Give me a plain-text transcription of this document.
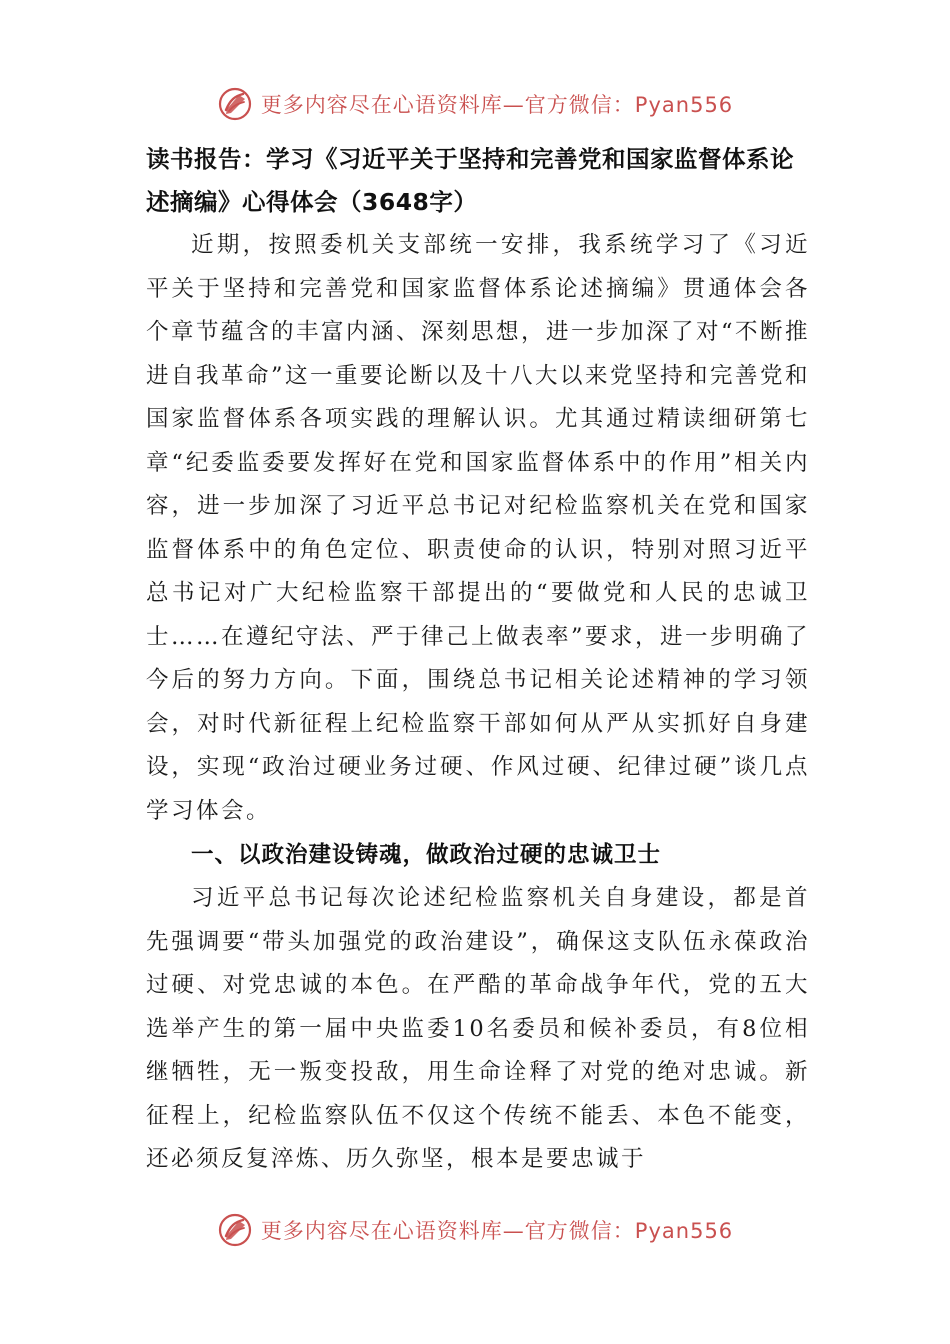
更多内容尽在心语资料库—官方微信：Pyan556
读书报告：学习《习近平关于坚持和完善党和国家监督体系论述摘编》心得体会（3648字）

近期，按照委机关支部统一安排，我系统学习了《习近平关于坚持和完善党和国家监督体系论述摘编》贯通体会各个章节蕴含的丰富内涵、深刻思想，进一步加深了对“不断推进自我革命”这一重要论断以及十八大以来党坚持和完善党和国家监督体系各项实践的理解认识。尤其通过精读细研第七章“纪委监委要发挥好在党和国家监督体系中的作用”相关内容，进一步加深了习近平总书记对纪检监察机关在党和国家监督体系中的角色定位、职责使命的认识，特别对照习近平总书记对广大纪检监察干部提出的“要做党和人民的忠诚卫士……在遵纪守法、严于律己上做表率”要求，进一步明确了今后的努力方向。下面，围绕总书记相关论述精神的学习领会，对时代新征程上纪检监察干部如何从严从实抓好自身建设，实现“政治过硬业务过硬、作风过硬、纪律过硬”谈几点学习体会。

一、以政治建设铸魂，做政治过硬的忠诚卫士

习近平总书记每次论述纪检监察机关自身建设，都是首先强调要“带头加强党的政治建设”，确保这支队伍永葆政治过硬、对党忠诚的本色。在严酷的革命战争年代，党的五大选举产生的第一届中央监委10名委员和候补委员，有8位相继牺牲，无一叛变投敌，用生命诠释了对党的绝对忠诚。新征程上，纪检监察队伍不仅这个传统不能丢、本色不能变，还必须反复淬炼、历久弥坚，根本是要忠诚于

更多内容尽在心语资料库—官方微信：Pyan556
